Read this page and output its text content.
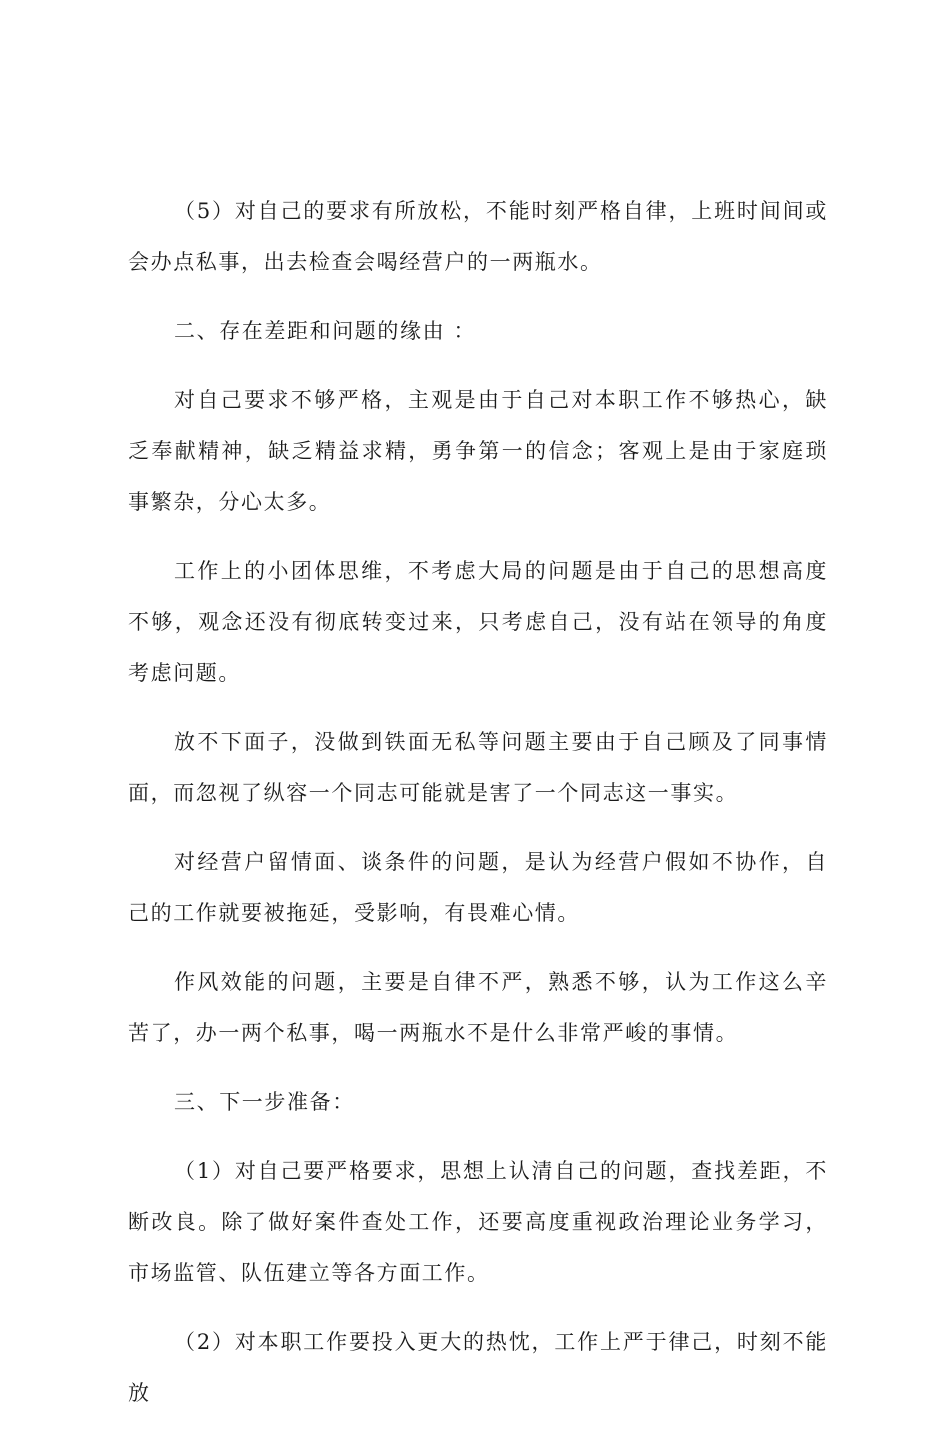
（5）对自己的要求有所放松，不能时刻严格自律，上班时间间或会办点私事，出去检查会喝经营户的一两瓶水。

二、存在差距和问题的缘由 ：

对自己要求不够严格，主观是由于自己对本职工作不够热心，缺乏奉献精神，缺乏精益求精，勇争第一的信念；客观上是由于家庭琐事繁杂，分心太多。

工作上的小团体思维，不考虑大局的问题是由于自己的思想高度不够，观念还没有彻底转变过来，只考虑自己，没有站在领导的角度考虑问题。

放不下面子，没做到铁面无私等问题主要由于自己顾及了同事情面，而忽视了纵容一个同志可能就是害了一个同志这一事实。

对经营户留情面、谈条件的问题，是认为经营户假如不协作，自己的工作就要被拖延，受影响，有畏难心情。

作风效能的问题，主要是自律不严，熟悉不够，认为工作这么辛苦了，办一两个私事，喝一两瓶水不是什么非常严峻的事情。

三、下一步准备：

（1）对自己要严格要求，思想上认清自己的问题，查找差距，不断改良。除了做好案件查处工作，还要高度重视政治理论业务学习，市场监管、队伍建立等各方面工作。

（2）对本职工作要投入更大的热忱，工作上严于律己，时刻不能放
